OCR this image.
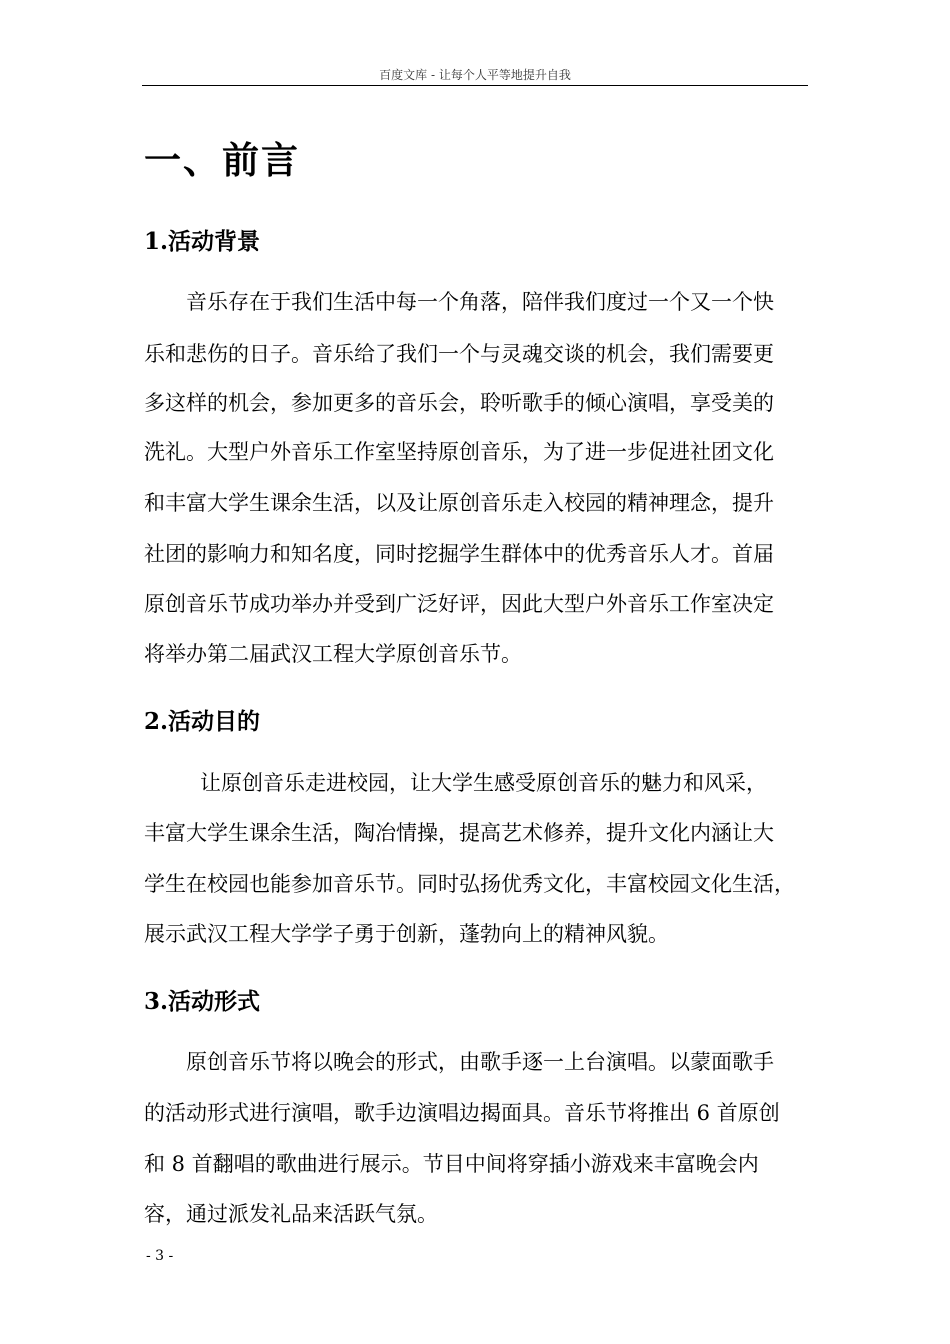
百度文库 - 让每个人平等地提升自我
一、前言
1.活动背景
音乐存在于我们生活中每一个角落，陪伴我们度过一个又一个快
乐和悲伤的日子。音乐给了我们一个与灵魂交谈的机会，我们需要更
多这样的机会，参加更多的音乐会，聆听歌手的倾心演唱，享受美的
洗礼。大型户外音乐工作室坚持原创音乐，为了进一步促进社团文化
和丰富大学生课余生活，以及让原创音乐走入校园的精神理念，提升
社团的影响力和知名度，同时挖掘学生群体中的优秀音乐人才。首届
原创音乐节成功举办并受到广泛好评，因此大型户外音乐工作室决定
将举办第二届武汉工程大学原创音乐节。
2.活动目的
让原创音乐走进校园，让大学生感受原创音乐的魅力和风采，
丰富大学生课余生活，陶冶情操，提高艺术修养，提升文化内涵让大
学生在校园也能参加音乐节。同时弘扬优秀文化，丰富校园文化生活，
展示武汉工程大学学子勇于创新，蓬勃向上的精神风貌。
3.活动形式
原创音乐节将以晚会的形式，由歌手逐一上台演唱。以蒙面歌手
的活动形式进行演唱，歌手边演唱边揭面具。音乐节将推出 6 首原创
和 8 首翻唱的歌曲进行展示。节目中间将穿插小游戏来丰富晚会内
容，通过派发礼品来活跃气氛。
- 3 -
